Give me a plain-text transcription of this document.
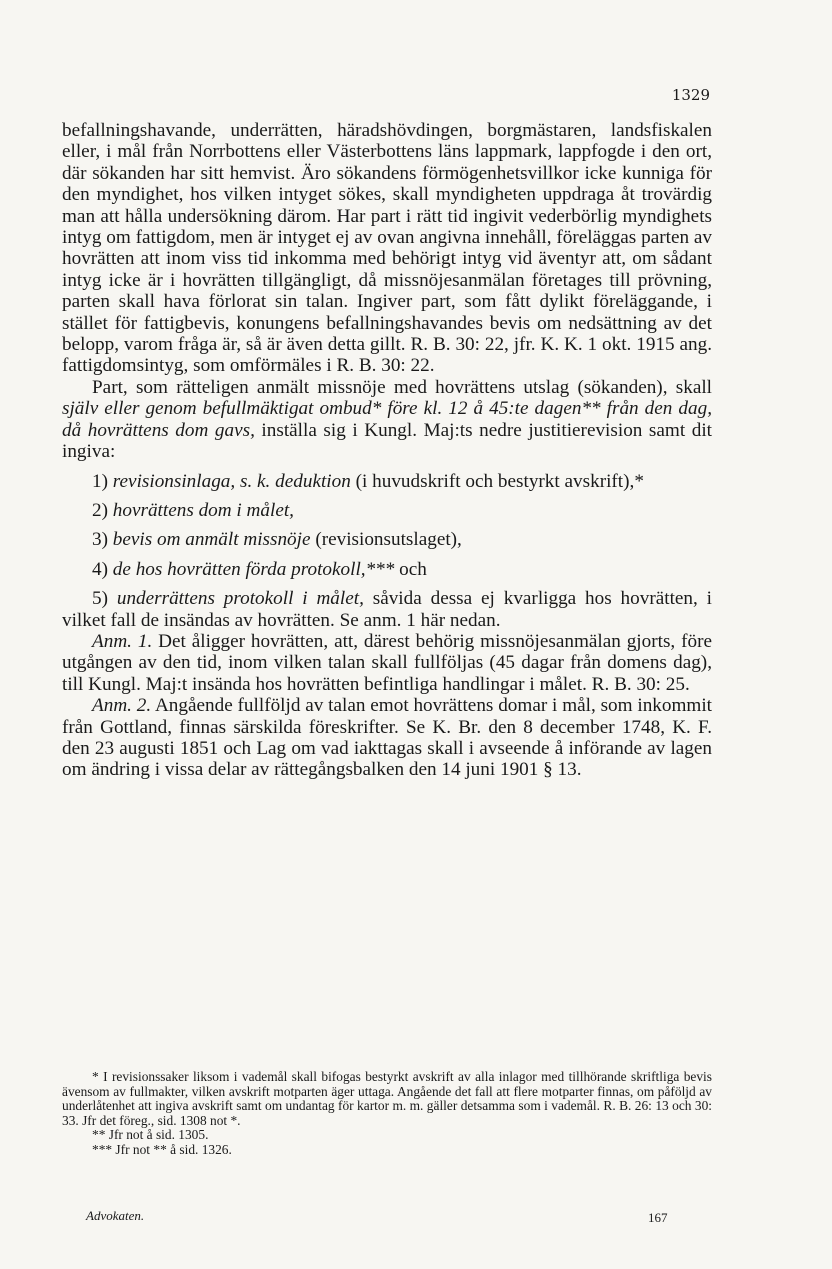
1329

befallningshavande, underrätten, häradshövdingen, borgmästaren, landsfiskalen eller, i mål från Norrbottens eller Västerbottens läns lappmark, lappfogde i den ort, där sökanden har sitt hemvist. Äro sökandens förmögenhetsvillkor icke kunniga för den myndighet, hos vilken intyget sökes, skall myndigheten uppdraga åt trovärdig man att hålla undersökning därom. Har part i rätt tid ingivit vederbörlig myndighets intyg om fattigdom, men är intyget ej av ovan angivna innehåll, föreläggas parten av hovrätten att inom viss tid inkomma med behörigt intyg vid äventyr att, om sådant intyg icke är i hovrätten tillgängligt, då missnöjesanmälan företages till prövning, parten skall hava förlorat sin talan. Ingiver part, som fått dylikt föreläggande, i stället för fattigbevis, konungens befallningshavandes bevis om nedsättning av det belopp, varom fråga är, så är även detta gillt. R. B. 30: 22, jfr. K. K. 1 okt. 1915 ang. fattigdomsintyg, som omförmäles i R. B. 30: 22.

Part, som rätteligen anmält missnöje med hovrättens utslag (sökanden), skall själv eller genom befullmäktigat ombud* före kl. 12 å 45:te dagen** från den dag, då hovrättens dom gavs, inställa sig i Kungl. Maj:ts nedre justitierevision samt dit ingiva:

1) revisionsinlaga, s. k. deduktion (i huvudskrift och bestyrkt avskrift),*

2) hovrättens dom i målet,

3) bevis om anmält missnöje (revisionsutslaget),

4) de hos hovrätten förda protokoll,*** och

5) underrättens protokoll i målet, såvida dessa ej kvarligga hos hovrätten, i vilket fall de insändas av hovrätten. Se anm. 1 här nedan.

Anm. 1. Det åligger hovrätten, att, därest behörig missnöjesanmälan gjorts, före utgången av den tid, inom vilken talan skall fullföljas (45 dagar från domens dag), till Kungl. Maj:t insända hos hovrätten befintliga handlingar i målet. R. B. 30: 25.

Anm. 2. Angående fullföljd av talan emot hovrättens domar i mål, som inkommit från Gottland, finnas särskilda föreskrifter. Se K. Br. den 8 december 1748, K. F. den 23 augusti 1851 och Lag om vad iakttagas skall i avseende å införande av lagen om ändring i vissa delar av rättegångsbalken den 14 juni 1901 § 13.

* I revisionssaker liksom i vademål skall bifogas bestyrkt avskrift av alla inlagor med tillhörande skriftliga bevis ävensom av fullmakter, vilken avskrift motparten äger uttaga. Angående det fall att flere motparter finnas, om påföljd av underlåtenhet att ingiva avskrift samt om undantag för kartor m. m. gäller detsamma som i vademål. R. B. 26: 13 och 30: 33. Jfr det föreg., sid. 1308 not *.

** Jfr not å sid. 1305.

*** Jfr not ** å sid. 1326.

Advokaten.	167
